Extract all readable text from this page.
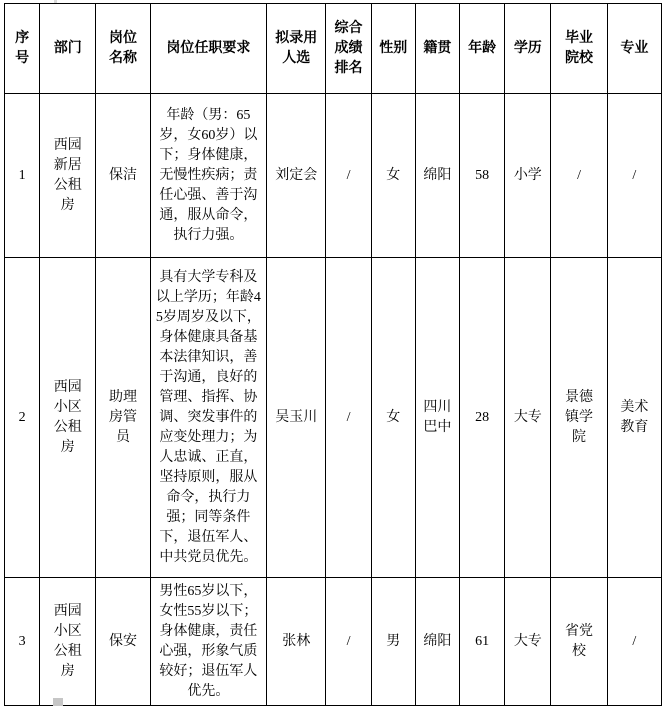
序号	部门	岗位名称	岗位任职要求	拟录用人选	综合成绩排名	性别	籍贯	年龄	学历	毕业院校	专业
1	西园新居公租房	保洁	年龄（男：65岁，女60岁）以下；身体健康，无慢性疾病；责任心强、善于沟通，服从命令，执行力强。	刘定会	/	女	绵阳	58	小学	/	/
2	西园小区公租房	助理房管员	具有大学专科及以上学历；年龄45岁周岁及以下，身体健康具备基本法律知识，善于沟通，良好的管理、指挥、协调、突发事件的应变处理力；为人忠诚、正直，坚持原则，服从命令，执行力强；同等条件下，退伍军人、中共党员优先。	吴玉川	/	女	四川巴中	28	大专	景德镇学院	美术教育
3	西园小区公租房	保安	男性65岁以下，女性55岁以下；身体健康，责任心强，形象气质较好；退伍军人优先。	张林	/	男	绵阳	61	大专	省党校	/
